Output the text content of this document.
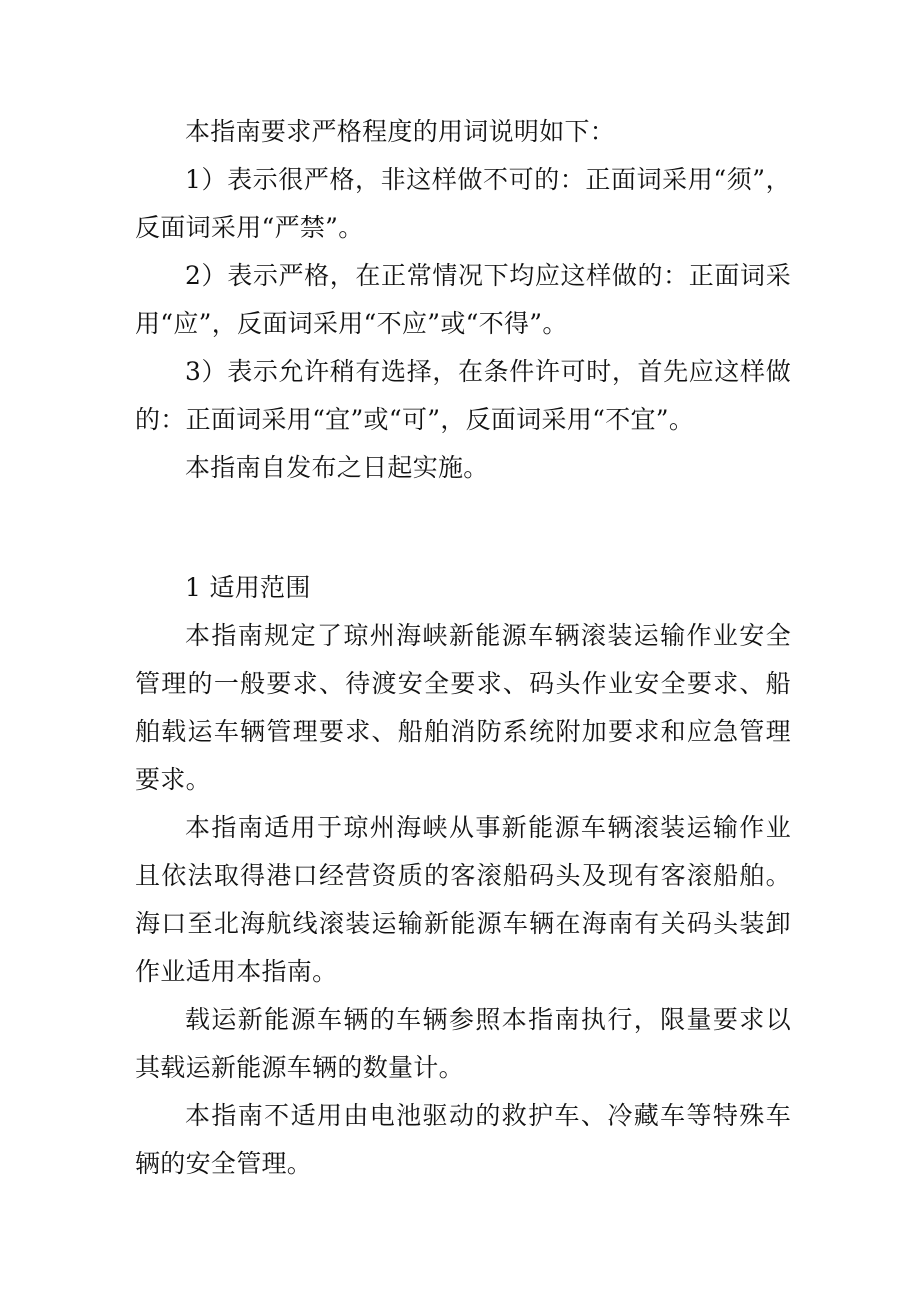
本指南要求严格程度的用词说明如下：

1）表示很严格，非这样做不可的：正面词采用“须”，反面词采用“严禁”。

2）表示严格，在正常情况下均应这样做的：正面词采用“应”，反面词采用“不应”或“不得”。

3）表示允许稍有选择，在条件许可时，首先应这样做的：正面词采用“宜”或“可”，反面词采用“不宜”。

本指南自发布之日起实施。

1 适用范围

本指南规定了琼州海峡新能源车辆滚装运输作业安全管理的一般要求、待渡安全要求、码头作业安全要求、船舶载运车辆管理要求、船舶消防系统附加要求和应急管理要求。

本指南适用于琼州海峡从事新能源车辆滚装运输作业且依法取得港口经营资质的客滚船码头及现有客滚船舶。海口至北海航线滚装运输新能源车辆在海南有关码头装卸作业适用本指南。

载运新能源车辆的车辆参照本指南执行，限量要求以其载运新能源车辆的数量计。

本指南不适用由电池驱动的救护车、冷藏车等特殊车辆的安全管理。
